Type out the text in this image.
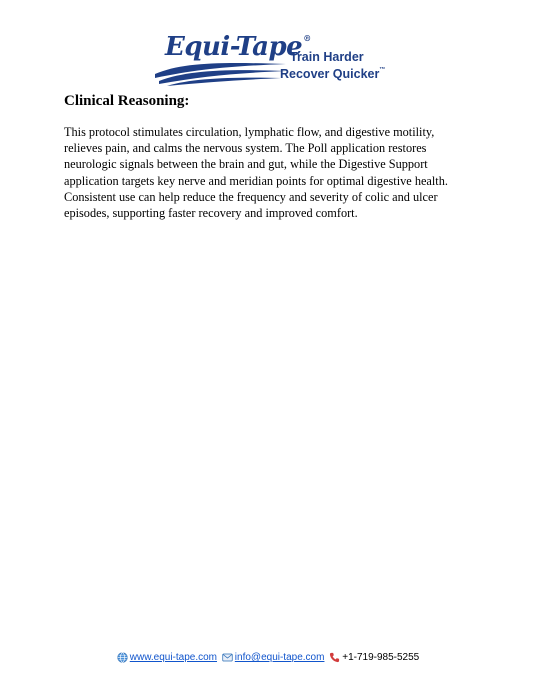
Equi-Tape®
Train Harder
Recover Quicker™
Clinical Reasoning:

This protocol stimulates circulation, lymphatic flow, and digestive motility, relieves pain, and calms the nervous system. The Poll application restores neurologic signals between the brain and gut, while the Digestive Support application targets key nerve and meridian points for optimal digestive health. Consistent use can help reduce the frequency and severity of colic and ulcer episodes, supporting faster recovery and improved comfort.

www.equi-tape.com
info@equi-tape.com
+1-719-985-5255
